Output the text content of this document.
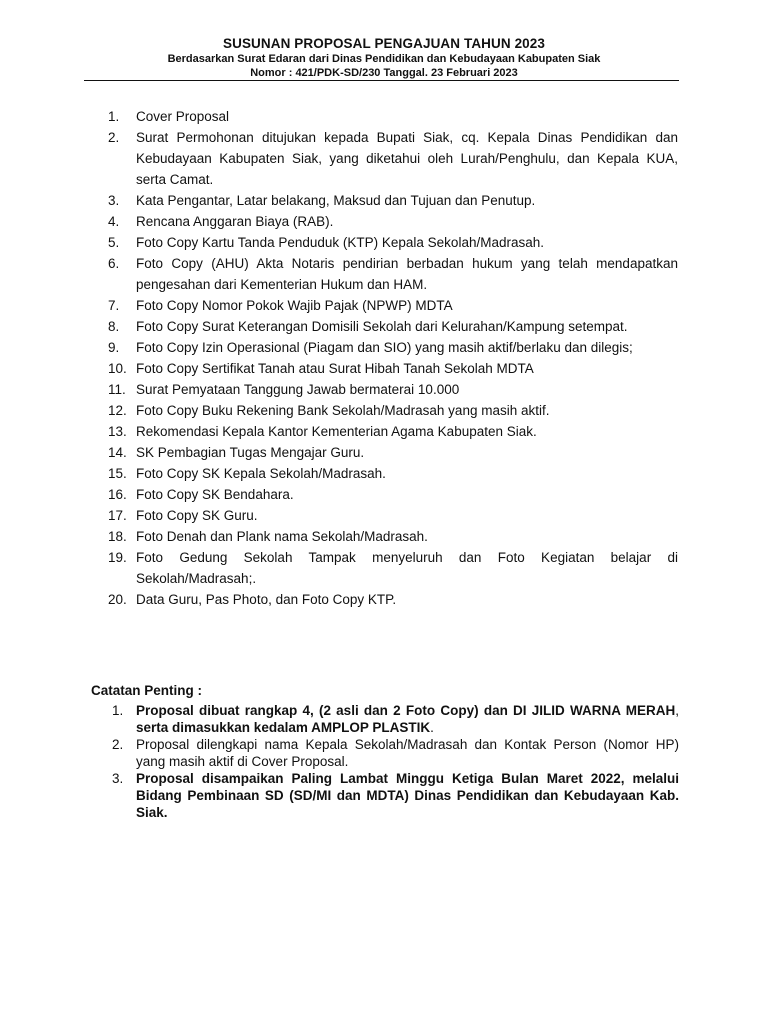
SUSUNAN PROPOSAL PENGAJUAN TAHUN 2023
Berdasarkan Surat Edaran dari Dinas Pendidikan dan Kebudayaan Kabupaten Siak
Nomor : 421/PDK-SD/230 Tanggal. 23 Februari 2023
1.	Cover Proposal
2.	Surat Permohonan ditujukan kepada Bupati Siak, cq. Kepala Dinas Pendidikan dan Kebudayaan Kabupaten Siak, yang diketahui oleh Lurah/Penghulu, dan Kepala KUA, serta Camat.
3.	Kata Pengantar, Latar belakang, Maksud dan Tujuan dan Penutup.
4.	Rencana Anggaran Biaya (RAB).
5.	Foto Copy Kartu Tanda Penduduk (KTP) Kepala Sekolah/Madrasah.
6.	Foto Copy (AHU) Akta Notaris pendirian berbadan hukum yang telah mendapatkan pengesahan dari Kementerian Hukum dan HAM.
7.	Foto Copy Nomor Pokok Wajib Pajak (NPWP) MDTA
8.	Foto Copy Surat Keterangan Domisili Sekolah dari Kelurahan/Kampung setempat.
9.	Foto Copy Izin Operasional (Piagam dan SIO) yang masih aktif/berlaku dan dilegis;
10. Foto Copy Sertifikat Tanah atau Surat Hibah Tanah Sekolah MDTA
11. Surat Pemyataan Tanggung Jawab bermaterai 10.000
12. Foto Copy Buku Rekening Bank Sekolah/Madrasah yang masih aktif.
13. Rekomendasi Kepala Kantor Kementerian Agama Kabupaten Siak.
14. SK Pembagian Tugas Mengajar Guru.
15. Foto Copy SK Kepala Sekolah/Madrasah.
16. Foto Copy SK Bendahara.
17. Foto Copy SK Guru.
18. Foto Denah dan Plank nama Sekolah/Madrasah.
19. Foto Gedung Sekolah Tampak menyeluruh dan Foto Kegiatan belajar di Sekolah/Madrasah;.
20. Data Guru, Pas Photo, dan Foto Copy KTP.
Catatan Penting :
1. Proposal dibuat rangkap 4, (2 asli dan 2 Foto Copy) dan DI JILID WARNA MERAH, serta dimasukkan kedalam AMPLOP PLASTIK.
2. Proposal dilengkapi nama Kepala Sekolah/Madrasah dan Kontak Person (Nomor HP) yang masih aktif di Cover Proposal.
3. Proposal disampaikan Paling Lambat Minggu Ketiga Bulan Maret 2022, melalui Bidang Pembinaan SD (SD/MI dan MDTA) Dinas Pendidikan dan Kebudayaan Kab. Siak.
